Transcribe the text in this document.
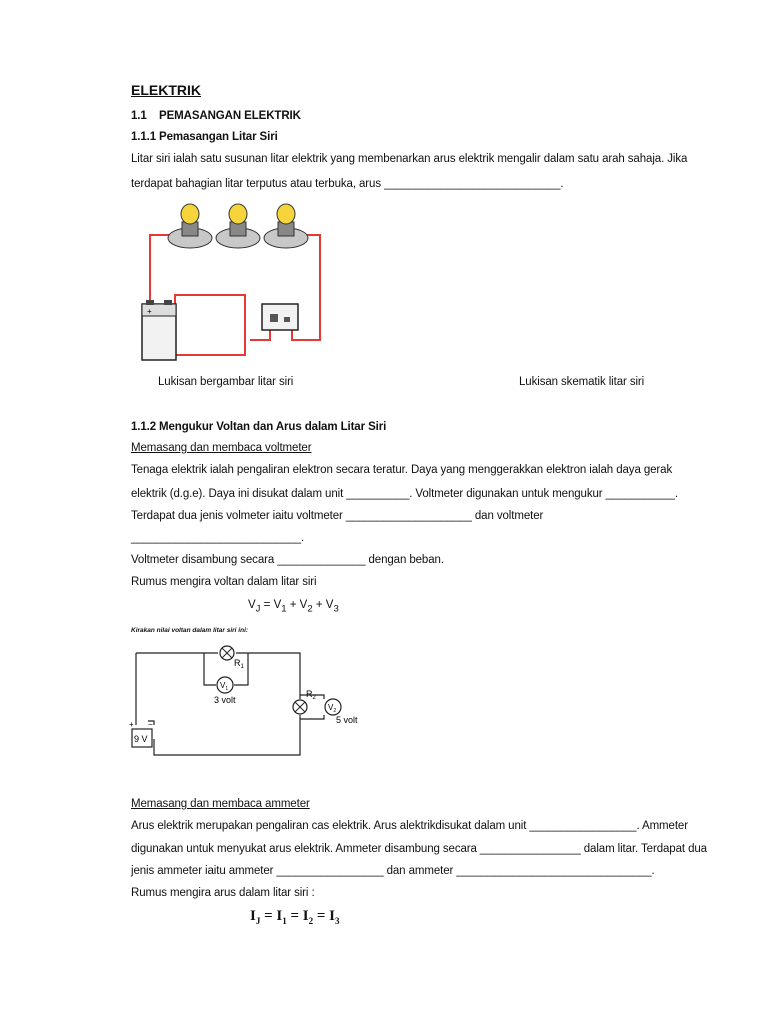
ELEKTRIK
1.1 PEMASANGAN ELEKTRIK
1.1.1 Pemasangan Litar Siri
Litar siri ialah satu susunan litar elektrik yang membenarkan arus elektrik mengalir dalam satu arah sahaja. Jika
terdapat bahagian litar terputus atau terbuka, arus ____________________________.
+
Lukisan bergambar litar siri	Lukisan skematik litar siri
1.1.2 Mengukur Voltan dan Arus dalam Litar Siri
Memasang dan membaca voltmeter
Tenaga elektrik ialah pengaliran elektron secara teratur. Daya yang menggerakkan elektron ialah daya gerak
elektrik (d.g.e). Daya ini disukat dalam unit __________. Voltmeter digunakan untuk mengukur ___________.
Terdapat dua jenis volmeter iaitu voltmeter ____________________ dan voltmeter
___________________________.
Voltmeter disambung secara ______________ dengan beban.
Rumus mengira voltan dalam litar siri
$V_J = V_1 + V_2 + V_3$
Kirakan nilai voltan dalam litar siri ini:
$R_1$
$V_1$
3 volt
$R_2$
$V_2$
5 volt
9 V
+ −
Memasang dan membaca ammeter
Arus elektrik merupakan pengaliran cas elektrik. Arus alektrikdisukat dalam unit _________________. Ammeter
digunakan untuk menyukat arus elektrik. Ammeter disambung secara ________________ dalam litar. Terdapat dua
jenis ammeter iaitu ammeter _________________ dan ammeter _______________________________.
Rumus mengira arus dalam litar siri :
$I_J = I_1 = I_2 = I_3$
